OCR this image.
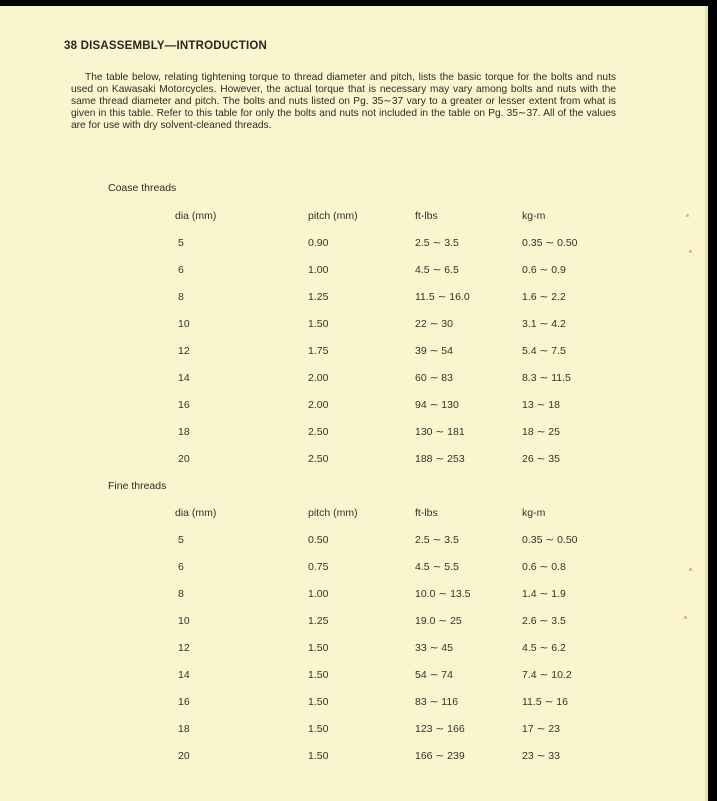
38 DISASSEMBLY—INTRODUCTION
The table below, relating tightening torque to thread diameter and pitch, lists the basic torque for the bolts and nuts used on Kawasaki Motorcycles. However, the actual torque that is necessary may vary among bolts and nuts with the same thread diameter and pitch. The bolts and nuts listed on Pg. 35∼37 vary to a greater or lesser extent from what is given in this table. Refer to this table for only the bolts and nuts not included in the table on Pg. 35∼37. All of the values are for use with dry solvent-cleaned threads.
Coase threads
dia (mm)	pitch (mm)	ft-lbs	kg-m
5	0.90	2.5 ∼ 3.5	0.35 ∼ 0.50
6	1.00	4.5 ∼ 6.5	0.6 ∼ 0.9
8	1.25	11.5 ∼ 16.0	1.6 ∼ 2.2
10	1.50	22 ∼ 30	3.1 ∼ 4.2
12	1.75	39 ∼ 54	5.4 ∼ 7.5
14	2.00	60 ∼ 83	8.3 ∼ 11.5
16	2.00	94 ∼ 130	13 ∼ 18
18	2.50	130 ∼ 181	18 ∼ 25
20	2.50	188 ∼ 253	26 ∼ 35
Fine threads
dia (mm)	pitch (mm)	ft-lbs	kg-m
5	0.50	2.5 ∼ 3.5	0.35 ∼ 0.50
6	0.75	4.5 ∼ 5.5	0.6 ∼ 0.8
8	1.00	10.0 ∼ 13.5	1.4 ∼ 1.9
10	1.25	19.0 ∼ 25	2.6 ∼ 3.5
12	1.50	33 ∼ 45	4.5 ∼ 6.2
14	1.50	54 ∼ 74	7.4 ∼ 10.2
16	1.50	83 ∼ 116	11.5 ∼ 16
18	1.50	123 ∼ 166	17 ∼ 23
20	1.50	166 ∼ 239	23 ∼ 33
